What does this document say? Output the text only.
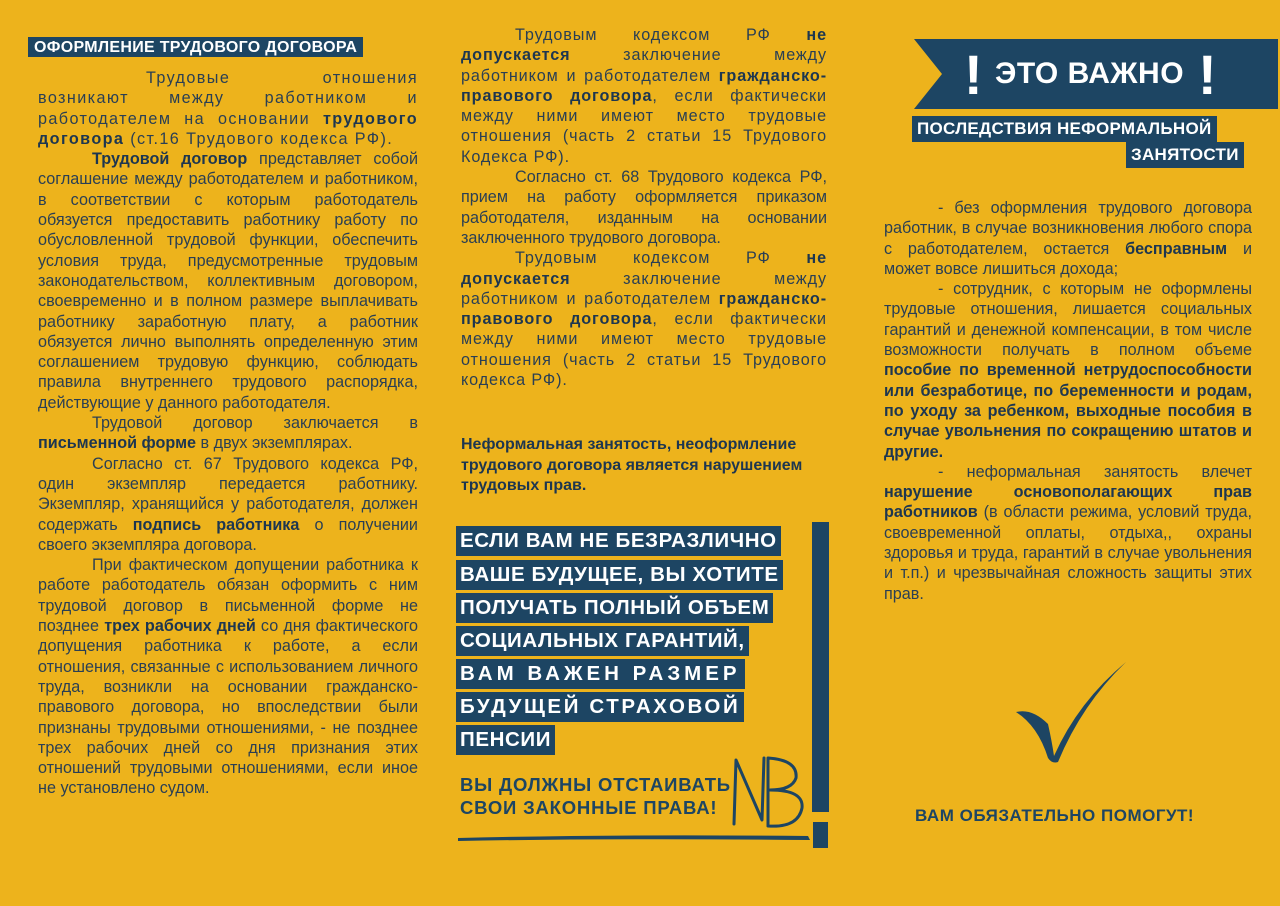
ОФОРМЛЕНИЕ ТРУДОВОГО ДОГОВОРА

Трудовые отношения возникают между работником и работодателем на основании трудового договора (ст.16 Трудового кодекса РФ).

Трудовой договор представляет собой соглашение между работодателем и работником, в соответствии с которым работодатель обязуется предоставить работнику работу по обусловленной трудовой функции, обеспечить условия труда, предусмотренные трудовым законодательством, коллективным договором, своевременно и в полном размере выплачивать работнику заработную плату, а работник обязуется лично выполнять определенную этим соглашением трудовую функцию, соблюдать правила внутреннего трудового распорядка, действующие у данного работодателя.

Трудовой договор заключается в письменной форме в двух экземплярах.

Согласно ст. 67 Трудового кодекса РФ, один экземпляр передается работнику. Экземпляр, хранящийся у работодателя, должен содержать подпись работника о получении своего экземпляра договора.

При фактическом допущении работника к работе работодатель обязан оформить с ним трудовой договор в письменной форме не позднее трех рабочих дней со дня фактического допущения работника к работе, а если отношения, связанные с использованием личного труда, возникли на основании гражданско-правового договора, но впоследствии были признаны трудовыми отношениями, - не позднее трех рабочих дней со дня признания этих отношений трудовыми отношениями, если иное не установлено судом.

Трудовым кодексом РФ не допускается заключение между работником и работодателем гражданско-правового договора, если фактически между ними имеют место трудовые отношения (часть 2 статьи 15 Трудового Кодекса РФ).

Согласно ст. 68 Трудового кодекса РФ, прием на работу оформляется приказом работодателя, изданным на основании заключенного трудового договора.

Трудовым кодексом РФ не допускается заключение между работником и работодателем гражданско-правового договора, если фактически между ними имеют место трудовые отношения (часть 2 статьи 15 Трудового кодекса РФ).

Неформальная занятость, неоформление трудового договора является нарушением трудовых прав.

ЕСЛИ ВАМ НЕ БЕЗРАЗЛИЧНО
ВАШЕ БУДУЩЕЕ, ВЫ ХОТИТЕ
ПОЛУЧАТЬ ПОЛНЫЙ ОБЪЕМ
СОЦИАЛЬНЫХ ГАРАНТИЙ,
ВАМ ВАЖЕН РАЗМЕР
БУДУЩЕЙ СТРАХОВОЙ
ПЕНСИИ

ВЫ ДОЛЖНЫ ОТСТАИВАТЬ
СВОИ ЗАКОННЫЕ ПРАВА!

! ЭТО ВАЖНО !
ПОСЛЕДСТВИЯ НЕФОРМАЛЬНОЙ
ЗАНЯТОСТИ

- без оформления трудового договора работник, в случае возникновения любого спора с работодателем, остается бесправным и может вовсе лишиться дохода;

- сотрудник, с которым не оформлены трудовые отношения, лишается социальных гарантий и денежной компенсации, в том числе возможности получать в полном объеме пособие по временной нетрудоспособности или безработице, по беременности и родам, по уходу за ребенком, выходные пособия в случае увольнения по сокращению штатов и другие.

- неформальная занятость влечет нарушение основополагающих прав работников (в области режима, условий труда, своевременной оплаты, отдыха,, охраны здоровья и труда, гарантий в случае увольнения и т.п.) и чрезвычайная сложность защиты этих прав.

ВАМ ОБЯЗАТЕЛЬНО ПОМОГУТ!
